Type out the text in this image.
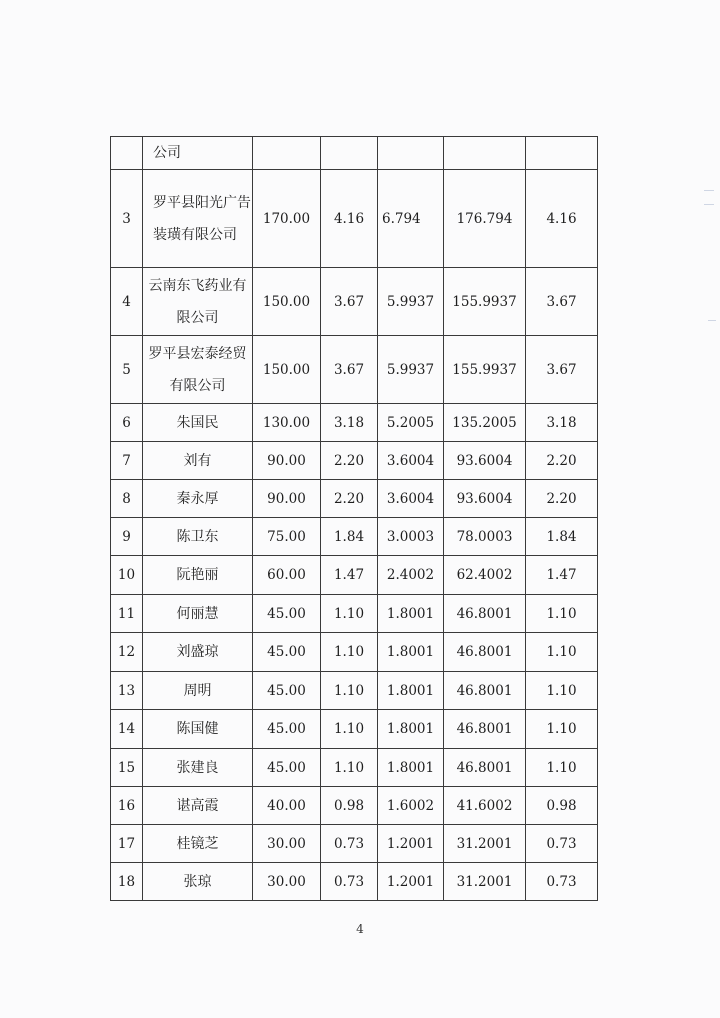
	公司					
3	罗平县阳光广告装璜有限公司	170.00	4.16	6.794	176.794	4.16
4	云南东飞药业有限公司	150.00	3.67	5.9937	155.9937	3.67
5	罗平县宏泰经贸有限公司	150.00	3.67	5.9937	155.9937	3.67
6	朱国民	130.00	3.18	5.2005	135.2005	3.18
7	刘有	90.00	2.20	3.6004	93.6004	2.20
8	秦永厚	90.00	2.20	3.6004	93.6004	2.20
9	陈卫东	75.00	1.84	3.0003	78.0003	1.84
10	阮艳丽	60.00	1.47	2.4002	62.4002	1.47
11	何丽慧	45.00	1.10	1.8001	46.8001	1.10
12	刘盛琼	45.00	1.10	1.8001	46.8001	1.10
13	周明	45.00	1.10	1.8001	46.8001	1.10
14	陈国健	45.00	1.10	1.8001	46.8001	1.10
15	张建良	45.00	1.10	1.8001	46.8001	1.10
16	谌高霞	40.00	0.98	1.6002	41.6002	0.98
17	桂镜芝	30.00	0.73	1.2001	31.2001	0.73
18	张琼	30.00	0.73	1.2001	31.2001	0.73
4
